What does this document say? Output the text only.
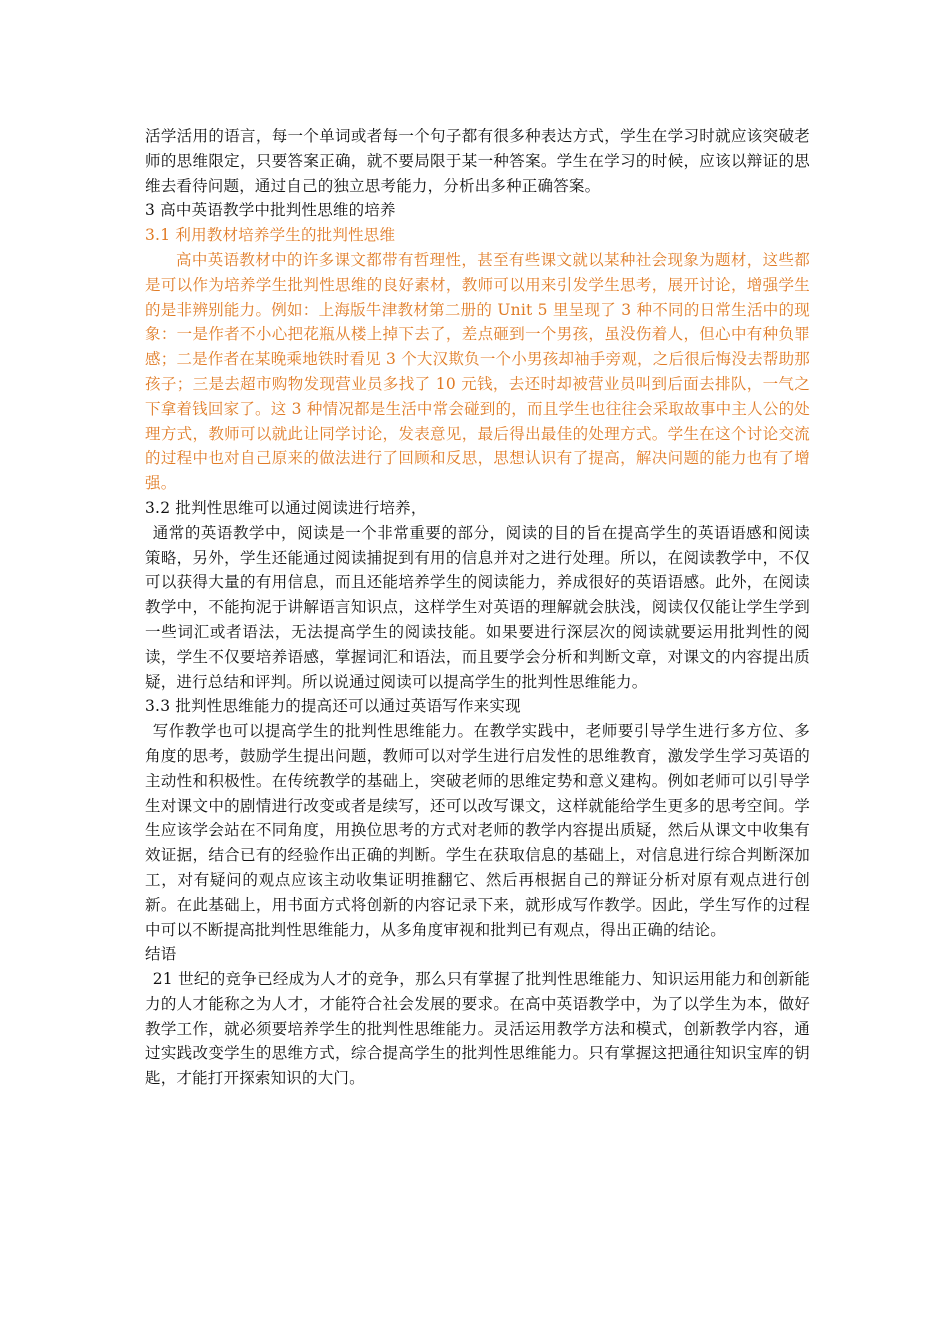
活学活用的语言，每一个单词或者每一个句子都有很多种表达方式，学生在学习时就应该突破老师的思维限定，只要答案正确，就不要局限于某一种答案。学生在学习的时候，应该以辩证的思维去看待问题，通过自己的独立思考能力，分析出多种正确答案。

3 高中英语教学中批判性思维的培养

3.1 利用教材培养学生的批判性思维

高中英语教材中的许多课文都带有哲理性，甚至有些课文就以某种社会现象为题材，这些都是可以作为培养学生批判性思维的良好素材，教师可以用来引发学生思考，展开讨论，增强学生的是非辨别能力。例如：上海版牛津教材第二册的 Unit 5 里呈现了 3 种不同的日常生活中的现象：一是作者不小心把花瓶从楼上掉下去了，差点砸到一个男孩，虽没伤着人，但心中有种负罪感；二是作者在某晚乘地铁时看见 3 个大汉欺负一个小男孩却袖手旁观，之后很后悔没去帮助那孩子；三是去超市购物发现营业员多找了 10 元钱，去还时却被营业员叫到后面去排队，一气之下拿着钱回家了。这 3 种情况都是生活中常会碰到的，而且学生也往往会采取故事中主人公的处理方式，教师可以就此让同学讨论，发表意见，最后得出最佳的处理方式。学生在这个讨论交流的过程中也对自己原来的做法进行了回顾和反思，思想认识有了提高，解决问题的能力也有了增强。

3.2 批判性思维可以通过阅读进行培养，

通常的英语教学中，阅读是一个非常重要的部分，阅读的目的旨在提高学生的英语语感和阅读策略，另外，学生还能通过阅读捕捉到有用的信息并对之进行处理。所以，在阅读教学中，不仅可以获得大量的有用信息，而且还能培养学生的阅读能力，养成很好的英语语感。此外，在阅读教学中，不能拘泥于讲解语言知识点，这样学生对英语的理解就会肤浅，阅读仅仅能让学生学到一些词汇或者语法，无法提高学生的阅读技能。如果要进行深层次的阅读就要运用批判性的阅读，学生不仅要培养语感，掌握词汇和语法，而且要学会分析和判断文章，对课文的内容提出质疑，进行总结和评判。所以说通过阅读可以提高学生的批判性思维能力。

3.3 批判性思维能力的提高还可以通过英语写作来实现

写作教学也可以提高学生的批判性思维能力。在教学实践中，老师要引导学生进行多方位、多角度的思考，鼓励学生提出问题，教师可以对学生进行启发性的思维教育，激发学生学习英语的主动性和积极性。在传统教学的基础上，突破老师的思维定势和意义建构。例如老师可以引导学生对课文中的剧情进行改变或者是续写，还可以改写课文，这样就能给学生更多的思考空间。学生应该学会站在不同角度，用换位思考的方式对老师的教学内容提出质疑，然后从课文中收集有效证据，结合已有的经验作出正确的判断。学生在获取信息的基础上，对信息进行综合判断深加工，对有疑问的观点应该主动收集证明推翻它、然后再根据自己的辩证分析对原有观点进行创新。在此基础上，用书面方式将创新的内容记录下来，就形成写作教学。因此，学生写作的过程中可以不断提高批判性思维能力，从多角度审视和批判已有观点，得出正确的结论。

结语

21 世纪的竞争已经成为人才的竞争，那么只有掌握了批判性思维能力、知识运用能力和创新能力的人才能称之为人才，才能符合社会发展的要求。在高中英语教学中，为了以学生为本，做好教学工作，就必须要培养学生的批判性思维能力。灵活运用教学方法和模式，创新教学内容，通过实践改变学生的思维方式，综合提高学生的批判性思维能力。只有掌握这把通往知识宝库的钥匙，才能打开探索知识的大门。
